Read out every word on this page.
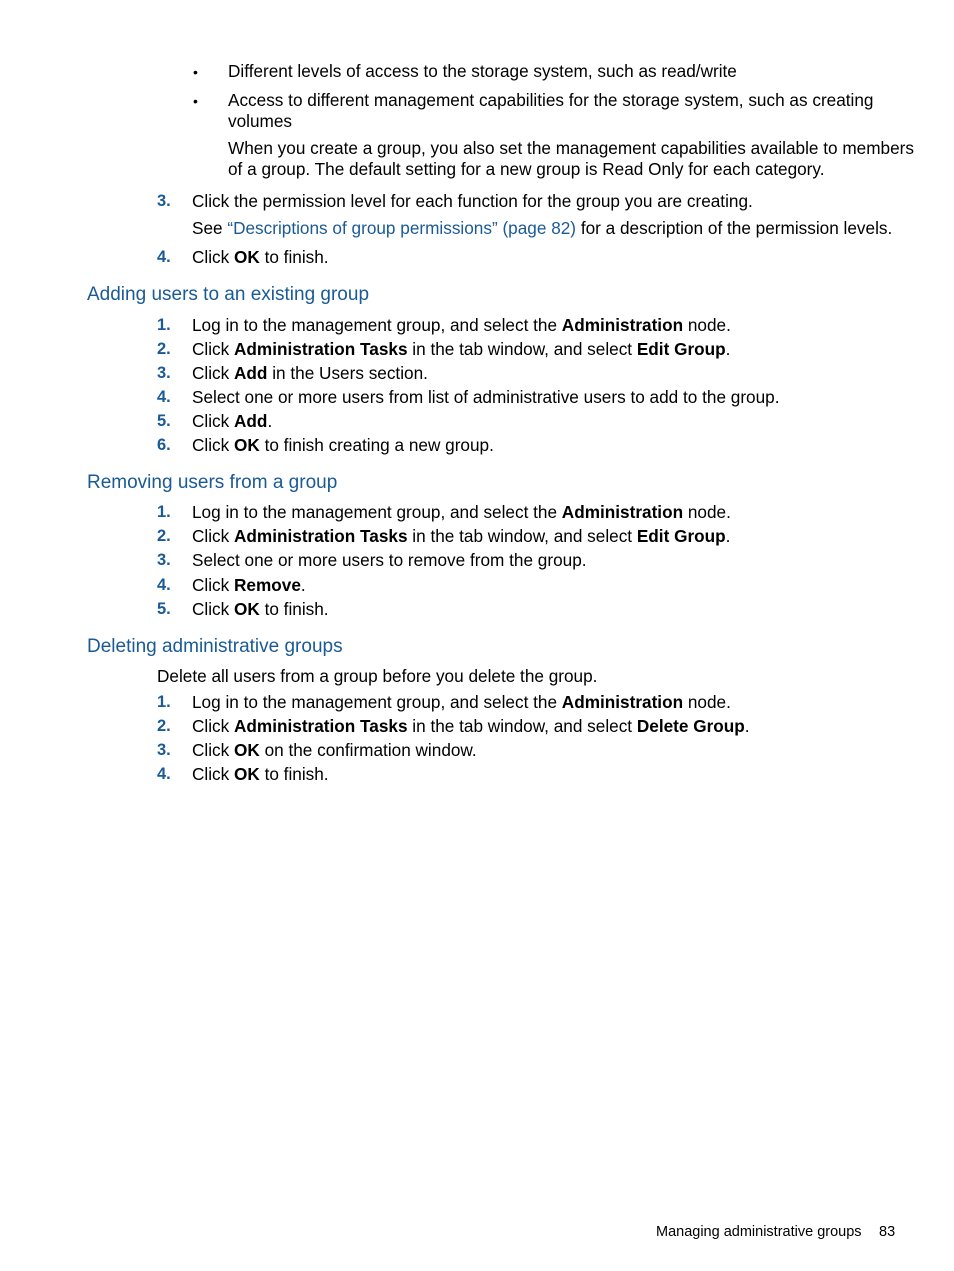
• Different levels of access to the storage system, such as read/write
• Access to different management capabilities for the storage system, such as creating
volumes
When you create a group, you also set the management capabilities available to members
of a group. The default setting for a new group is Read Only for each category.
3. Click the permission level for each function for the group you are creating.
See “Descriptions of group permissions” (page 82) for a description of the permission levels.
4. Click OK to finish.
Adding users to an existing group
1. Log in to the management group, and select the Administration node.
2. Click Administration Tasks in the tab window, and select Edit Group.
3. Click Add in the Users section.
4. Select one or more users from list of administrative users to add to the group.
5. Click Add.
6. Click OK to finish creating a new group.
Removing users from a group
1. Log in to the management group, and select the Administration node.
2. Click Administration Tasks in the tab window, and select Edit Group.
3. Select one or more users to remove from the group.
4. Click Remove.
5. Click OK to finish.
Deleting administrative groups
Delete all users from a group before you delete the group.
1. Log in to the management group, and select the Administration node.
2. Click Administration Tasks in the tab window, and select Delete Group.
3. Click OK on the confirmation window.
4. Click OK to finish.
Managing administrative groups 83
